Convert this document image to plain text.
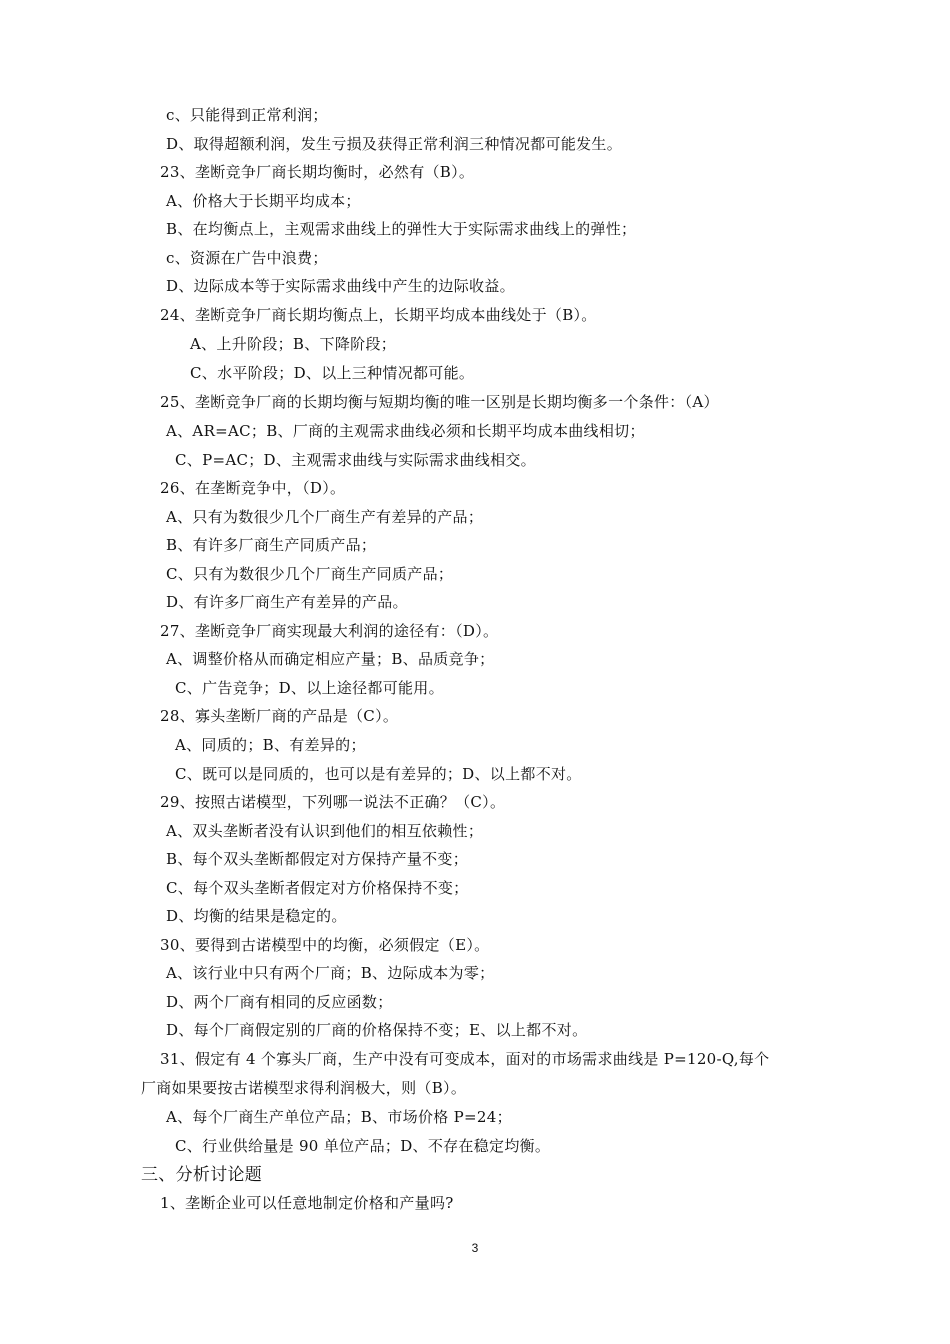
c、只能得到正常利润；
D、取得超额利润，发生亏损及获得正常利润三种情况都可能发生。
23、垄断竞争厂商长期均衡时，必然有（B）。
A、价格大于长期平均成本；
B、在均衡点上，主观需求曲线上的弹性大于实际需求曲线上的弹性；
c、资源在广告中浪费；
D、边际成本等于实际需求曲线中产生的边际收益。
24、垄断竞争厂商长期均衡点上，长期平均成本曲线处于（B）。
A、上升阶段；B、下降阶段；
C、水平阶段；D、以上三种情况都可能。
25、垄断竞争厂商的长期均衡与短期均衡的唯一区别是长期均衡多一个条件：（A）
A、AR=AC；B、厂商的主观需求曲线必须和长期平均成本曲线相切；
C、P=AC；D、主观需求曲线与实际需求曲线相交。
26、在垄断竞争中，（D）。
A、只有为数很少几个厂商生产有差异的产品；
B、有许多厂商生产同质产品；
C、只有为数很少几个厂商生产同质产品；
D、有许多厂商生产有差异的产品。
27、垄断竞争厂商实现最大利润的途径有：（D）。
A、调整价格从而确定相应产量；B、品质竞争；
C、广告竞争；D、以上途径都可能用。
28、寡头垄断厂商的产品是（C）。
A、同质的；B、有差异的；
C、既可以是同质的，也可以是有差异的；D、以上都不对。
29、按照古诺模型，下列哪一说法不正确？（C）。
A、双头垄断者没有认识到他们的相互依赖性；
B、每个双头垄断都假定对方保持产量不变；
C、每个双头垄断者假定对方价格保持不变；
D、均衡的结果是稳定的。
30、要得到古诺模型中的均衡，必须假定（E）。
A、该行业中只有两个厂商；B、边际成本为零；
D、两个厂商有相同的反应函数；
D、每个厂商假定别的厂商的价格保持不变；E、以上都不对。
31、假定有 4 个寡头厂商，生产中没有可变成本，面对的市场需求曲线是 P=120-Q,每个
厂商如果要按古诺模型求得利润极大，则（B）。
A、每个厂商生产单位产品；B、市场价格 P=24；
C、行业供给量是 90 单位产品；D、不存在稳定均衡。
三、分析讨论题
1、垄断企业可以任意地制定价格和产量吗?
3
